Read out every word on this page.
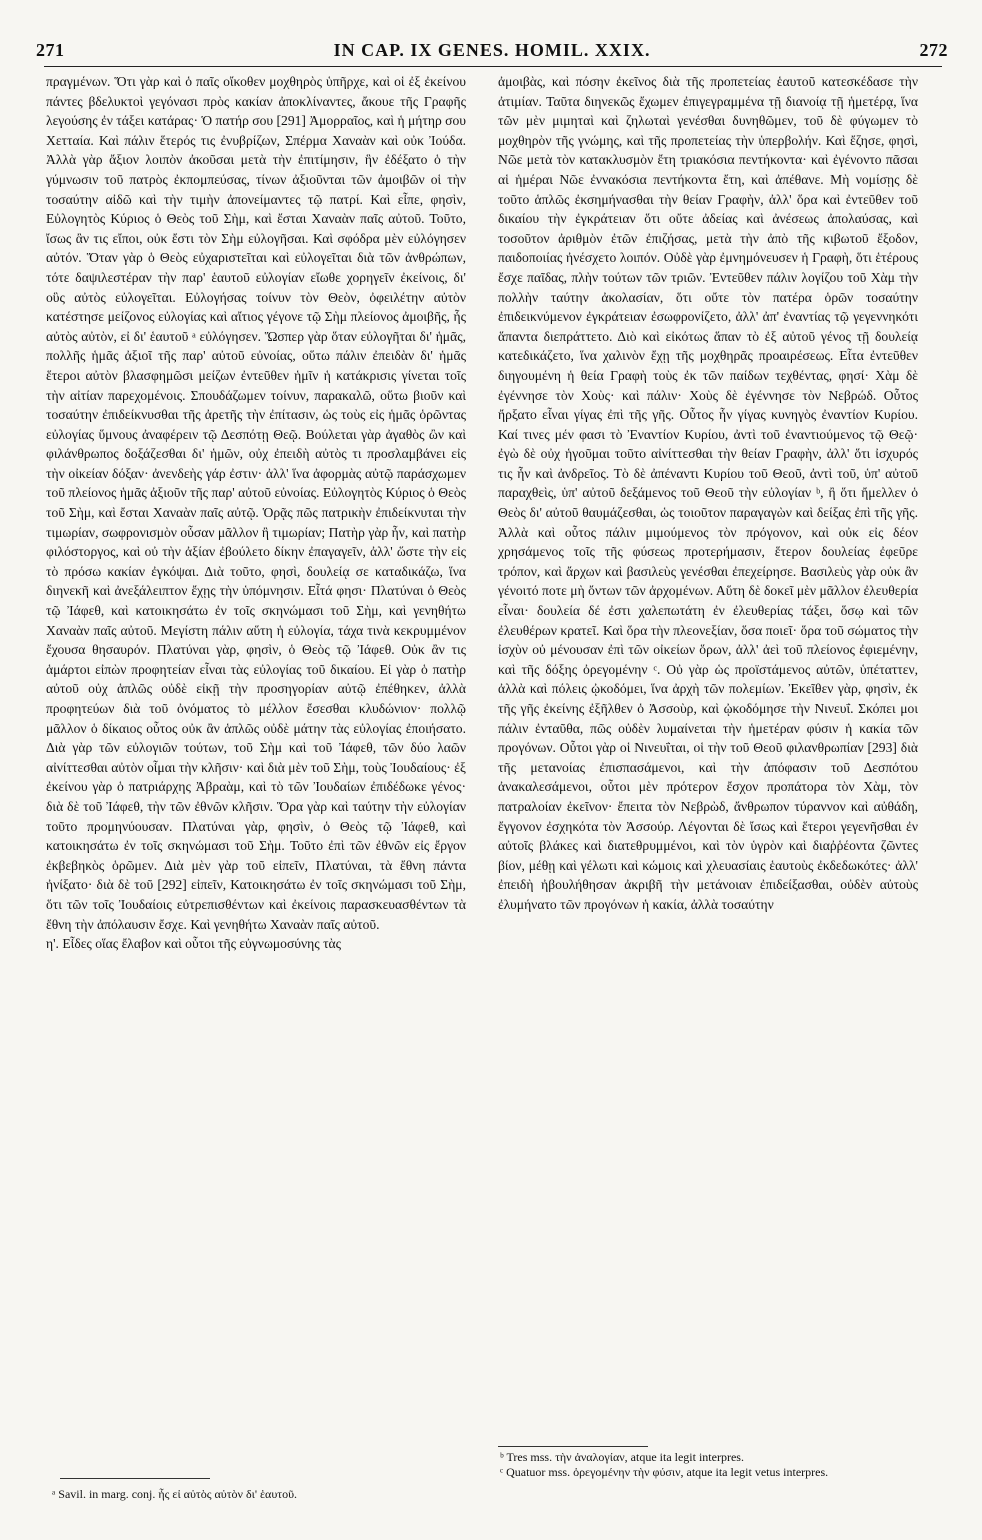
271	IN CAP. IX GENES. HOMIL. XXIX.	272

πραγμένων. Ὅτι γὰρ καὶ ὁ παῖς οἴκοθεν μοχθηρὸς ὑπῆρχε, καὶ οἱ ἐξ ἐκείνου πάντες βδελυκτοὶ γεγόνασι πρὸς κακίαν ἀποκλίναντες, ἄκουε τῆς Γραφῆς λεγούσης ἐν τάξει κατάρας· Ὁ πατήρ σου [291] Ἀμορραῖος, καὶ ἡ μήτηρ σου Χετταία. Καὶ πάλιν ἕτερός τις ἐνυβρίζων, Σπέρμα Χαναὰν καὶ οὐκ Ἰούδα. Ἀλλὰ γὰρ ἄξιον λοιπὸν ἀκοῦσαι μετὰ τὴν ἐπιτίμησιν, ἣν ἐδέξατο ὁ τὴν γύμνωσιν τοῦ πατρὸς ἐκπομπεύσας, τίνων ἀξιοῦνται τῶν ἀμοιβῶν οἱ τὴν τοσαύτην αἰδῶ καὶ τὴν τιμὴν ἀπονείμαντες τῷ πατρί. Καὶ εἶπε, φησὶν, Εὐλογητὸς Κύριος ὁ Θεὸς τοῦ Σὴμ, καὶ ἔσται Χαναὰν παῖς αὐτοῦ. Τοῦτο, ἴσως ἂν τις εἴποι, οὐκ ἔστι τὸν Σὴμ εὐλογῆσαι. Καὶ σφόδρα μὲν εὐλόγησεν αὐτόν. Ὅταν γὰρ ὁ Θεὸς εὐχαριστεῖται καὶ εὐλογεῖται διὰ τῶν ἀνθρώπων, τότε δαψιλεστέραν τὴν παρ' ἑαυτοῦ εὐλογίαν εἴωθε χορηγεῖν ἐκείνοις, δι' οὓς αὐτὸς εὐλογεῖται. Εὐλογήσας τοίνυν τὸν Θεὸν, ὀφειλέτην αὐτὸν κατέστησε μείζονος εὐλογίας καὶ αἴτιος γέγονε τῷ Σὴμ πλείονος ἀμοιβῆς, ἧς αὐτὸς αὐτὸν, εἰ δι' ἑαυτοῦ ᵃ εὐλόγησεν. Ὥσπερ γὰρ ὅταν εὐλογῆται δι' ἡμᾶς, πολλῆς ἡμᾶς ἀξιοῖ τῆς παρ' αὐτοῦ εὐνοίας, οὕτω πάλιν ἐπειδὰν δι' ἡμᾶς ἕτεροι αὐτὸν βλασφημῶσι μείζων ἐντεῦθεν ἡμῖν ἡ κατάκρισις γίνεται τοῖς τὴν αἰτίαν παρεχομένοις. Σπουδάζωμεν τοίνυν, παρακαλῶ, οὕτω βιοῦν καὶ τοσαύτην ἐπιδείκνυσθαι τῆς ἀρετῆς τὴν ἐπίτασιν, ὡς τοὺς εἰς ἡμᾶς ὁρῶντας εὐλογίας ὕμνους ἀναφέρειν τῷ Δεσπότῃ Θεῷ. Βούλεται γὰρ ἀγαθὸς ὢν καὶ φιλάνθρωπος δοξάζεσθαι δι' ἡμῶν, οὐχ ἐπειδὴ αὐτὸς τι προσλαμβάνει εἰς τὴν οἰκείαν δόξαν· ἀνενδεὴς γάρ ἐστιν· ἀλλ' ἵνα ἀφορμὰς αὐτῷ παράσχωμεν τοῦ πλείονος ἡμᾶς ἀξιοῦν τῆς παρ' αὐτοῦ εὐνοίας. Εὐλογητὸς Κύριος ὁ Θεὸς τοῦ Σὴμ, καὶ ἔσται Χαναὰν παῖς αὐτῷ. Ὁρᾷς πῶς πατρικὴν ἐπιδείκνυται τὴν τιμωρίαν, σωφρονισμὸν οὖσαν μᾶλλον ἢ τιμωρίαν; Πατὴρ γὰρ ἦν, καὶ πατὴρ φιλόστοργος, καὶ οὐ τὴν ἀξίαν ἐβούλετο δίκην ἐπαγαγεῖν, ἀλλ' ὥστε τὴν εἰς τὸ πρόσω κακίαν ἐγκόψαι. Διὰ τοῦτο, φησὶ, δουλείᾳ σε καταδικάζω, ἵνα διηνεκῆ καὶ ἀνεξάλειπτον ἔχῃς τὴν ὑπόμνησιν. Εἶτά φησι· Πλατύναι ὁ Θεὸς τῷ Ἰάφεθ, καὶ κατοικησάτω ἐν τοῖς σκηνώμασι τοῦ Σὴμ, καὶ γενηθήτω Χαναὰν παῖς αὐτοῦ. Μεγίστη πάλιν αὕτη ἡ εὐλογία, τάχα τινὰ κεκρυμμένον ἔχουσα θησαυρόν. Πλατύναι γὰρ, φησὶν, ὁ Θεὸς τῷ Ἰάφεθ. Οὐκ ἂν τις ἁμάρτοι εἰπὼν προφητείαν εἶναι τὰς εὐλογίας τοῦ δικαίου. Εἰ γὰρ ὁ πατὴρ αὐτοῦ οὐχ ἁπλῶς οὐδὲ εἰκῇ τὴν προσηγορίαν αὐτῷ ἐπέθηκεν, ἀλλὰ προφητεύων διὰ τοῦ ὀνόματος τὸ μέλλον ἔσεσθαι κλυδώνιον· πολλῷ μᾶλλον ὁ δίκαιος οὗτος οὐκ ἂν ἁπλῶς οὐδὲ μάτην τὰς εὐλογίας ἐποιήσατο. Διὰ γὰρ τῶν εὐλογιῶν τούτων, τοῦ Σὴμ καὶ τοῦ Ἰάφεθ, τῶν δύο λαῶν αἰνίττεσθαι αὐτὸν οἶμαι τὴν κλῆσιν· καὶ διὰ μὲν τοῦ Σὴμ, τοὺς Ἰουδαίους· ἐξ ἐκείνου γὰρ ὁ πατριάρχης Ἀβραὰμ, καὶ τὸ τῶν Ἰουδαίων ἐπιδέδωκε γένος· διὰ δὲ τοῦ Ἰάφεθ, τὴν τῶν ἐθνῶν κλῆσιν. Ὅρα γὰρ καὶ ταύτην τὴν εὐλογίαν τοῦτο προμηνύουσαν. Πλατύναι γὰρ, φησὶν, ὁ Θεὸς τῷ Ἰάφεθ, καὶ κατοικησάτω ἐν τοῖς σκηνώμασι τοῦ Σὴμ. Τοῦτο ἐπὶ τῶν ἐθνῶν εἰς ἔργον ἐκβεβηκὸς ὁρῶμεν. Διὰ μὲν γὰρ τοῦ εἰπεῖν, Πλατύναι, τὰ ἔθνη πάντα ἠνίξατο· διὰ δὲ τοῦ [292] εἰπεῖν, Κατοικησάτω ἐν τοῖς σκηνώμασι τοῦ Σὴμ, ὅτι τῶν τοῖς Ἰουδαίοις εὐτρεπισθέντων καὶ ἐκείνοις παρασκευασθέντων τὰ ἔθνη τὴν ἀπόλαυσιν ἔσχε. Καὶ γενηθήτω Χαναὰν παῖς αὐτοῦ.

η'. Εἶδες οἵας ἔλαβον καὶ οὗτοι τῆς εὐγνωμοσύνης τὰς

ἀμοιβὰς, καὶ πόσην ἐκεῖνος διὰ τῆς προπετείας ἑαυτοῦ κατεσκέδασε τὴν ἀτιμίαν. Ταῦτα διηνεκῶς ἔχωμεν ἐπιγεγραμμένα τῇ διανοίᾳ τῇ ἡμετέρᾳ, ἵνα τῶν μὲν μιμηταὶ καὶ ζηλωταὶ γενέσθαι δυνηθῶμεν, τοῦ δὲ φύγωμεν τὸ μοχθηρὸν τῆς γνώμης, καὶ τῆς προπετείας τὴν ὑπερβολήν. Καὶ ἔζησε, φησὶ, Νῶε μετὰ τὸν κατακλυσμὸν ἔτη τριακόσια πεντήκοντα· καὶ ἐγένοντο πᾶσαι αἱ ἡμέραι Νῶε ἐννακόσια πεντήκοντα ἔτη, καὶ ἀπέθανε. Μὴ νομίσῃς δὲ τοῦτο ἁπλῶς ἐκσημήνασθαι τὴν θείαν Γραφὴν, ἀλλ' ὅρα καὶ ἐντεῦθεν τοῦ δικαίου τὴν ἐγκράτειαν ὅτι οὔτε ἀδείας καὶ ἀνέσεως ἀπολαύσας, καὶ τοσοῦτον ἀριθμὸν ἐτῶν ἐπιζήσας, μετὰ τὴν ἀπὸ τῆς κιβωτοῦ ἔξοδον, παιδοποιίας ἠνέσχετο λοιπόν. Οὐδὲ γὰρ ἐμνημόνευσεν ἡ Γραφὴ, ὅτι ἑτέρους ἔσχε παῖδας, πλὴν τούτων τῶν τριῶν. Ἐντεῦθεν πάλιν λογίζου τοῦ Χὰμ τὴν πολλὴν ταύτην ἀκολασίαν, ὅτι οὔτε τὸν πατέρα ὁρῶν τοσαύτην ἐπιδεικνύμενον ἐγκράτειαν ἐσωφρονίζετο, ἀλλ' ἀπ' ἐναντίας τῷ γεγεννηκότι ἅπαντα διεπράττετο. Διὸ καὶ εἰκότως ἅπαν τὸ ἐξ αὐτοῦ γένος τῇ δουλείᾳ κατεδικάζετο, ἵνα χαλινὸν ἔχῃ τῆς μοχθηρᾶς προαιρέσεως. Εἶτα ἐντεῦθεν διηγουμένη ἡ θεία Γραφὴ τοὺς ἐκ τῶν παίδων τεχθέντας, φησί· Χὰμ δὲ ἐγέννησε τὸν Χοὺς· καὶ πάλιν· Χοὺς δὲ ἐγέννησε τὸν Νεβρώδ. Οὗτος ἤρξατο εἶναι γίγας ἐπὶ τῆς γῆς. Οὗτος ἦν γίγας κυνηγὸς ἐναντίον Κυρίου. Καί τινες μέν φασι τὸ Ἐναντίον Κυρίου, ἀντὶ τοῦ ἐναντιούμενος τῷ Θεῷ· ἐγὼ δὲ οὐχ ἡγοῦμαι τοῦτο αἰνίττεσθαι τὴν θείαν Γραφὴν, ἀλλ' ὅτι ἰσχυρός τις ἦν καὶ ἀνδρεῖος. Τὸ δὲ ἀπέναντι Κυρίου τοῦ Θεοῦ, ἀντὶ τοῦ, ὑπ' αὐτοῦ παραχθεὶς, ὑπ' αὐτοῦ δεξάμενος τοῦ Θεοῦ τὴν εὐλογίαν ᵇ, ἢ ὅτι ἤμελλεν ὁ Θεὸς δι' αὐτοῦ θαυμάζεσθαι, ὡς τοιοῦτον παραγαγὼν καὶ δείξας ἐπὶ τῆς γῆς. Ἀλλὰ καὶ οὗτος πάλιν μιμούμενος τὸν πρόγονον, καὶ οὐκ εἰς δέον χρησάμενος τοῖς τῆς φύσεως προτερήμασιν, ἕτερον δουλείας ἐφεῦρε τρόπον, καὶ ἄρχων καὶ βασιλεὺς γενέσθαι ἐπεχείρησε. Βασιλεὺς γὰρ οὐκ ἂν γένοιτό ποτε μὴ ὄντων τῶν ἀρχομένων. Αὕτη δὲ δοκεῖ μὲν μᾶλλον ἐλευθερία εἶναι· δουλεία δέ ἐστι χαλεπωτάτη ἐν ἐλευθερίας τάξει, ὅσῳ καὶ τῶν ἐλευθέρων κρατεῖ. Καὶ ὅρα τὴν πλεονεξίαν, ὅσα ποιεῖ· ὅρα τοῦ σώματος τὴν ἰσχὺν οὐ μένουσαν ἐπὶ τῶν οἰκείων ὅρων, ἀλλ' ἀεὶ τοῦ πλείονος ἐφιεμένην, καὶ τῆς δόξης ὀρεγομένην ᶜ. Οὐ γὰρ ὡς προϊστάμενος αὐτῶν, ὑπέταττεν, ἀλλὰ καὶ πόλεις ᾠκοδόμει, ἵνα ἀρχὴ τῶν πολεμίων. Ἐκεῖθεν γὰρ, φησὶν, ἐκ τῆς γῆς ἐκείνης ἐξῆλθεν ὁ Ἀσσοὺρ, καὶ ᾠκοδόμησε τὴν Νινευΐ. Σκόπει μοι πάλιν ἐνταῦθα, πῶς οὐδὲν λυμαίνεται τὴν ἡμετέραν φύσιν ἡ κακία τῶν προγόνων. Οὗτοι γὰρ οἱ Νινευΐται, οἱ τὴν τοῦ Θεοῦ φιλανθρωπίαν [293] διὰ τῆς μετανοίας ἐπισπασάμενοι, καὶ τὴν ἀπόφασιν τοῦ Δεσπότου ἀνακαλεσάμενοι, οὗτοι μὲν πρότερον ἔσχον προπάτορα τὸν Χὰμ, τὸν πατραλοίαν ἐκεῖνον· ἔπειτα τὸν Νεβρὼδ, ἄνθρωπον τύραννον καὶ αὐθάδη, ἔγγονον ἐσχηκότα τὸν Ἀσσούρ. Λέγονται δὲ ἴσως καὶ ἕτεροι γεγενῆσθαι ἐν αὐτοῖς βλάκες καὶ διατεθρυμμένοι, καὶ τὸν ὑγρὸν καὶ διαῤῥέοντα ζῶντες βίον, μέθῃ καὶ γέλωτι καὶ κώμοις καὶ χλευασίαις ἑαυτοὺς ἐκδεδωκότες· ἀλλ' ἐπειδὴ ἠβουλήθησαν ἀκριβῆ τὴν μετάνοιαν ἐπιδείξασθαι, οὐδὲν αὐτοὺς ἐλυμήνατο τῶν προγόνων ἡ κακία, ἀλλὰ τοσαύτην

ᵃ Savil. in marg. conj. ἧς εἰ αὐτὸς αὐτὸν δι' ἑαυτοῦ.

ᵇ Tres mss. τὴν ἀναλογίαν, atque ita legit interpres.

ᶜ Quatuor mss. ὀρεγομένην τὴν φύσιν, atque ita legit vetus interpres.
